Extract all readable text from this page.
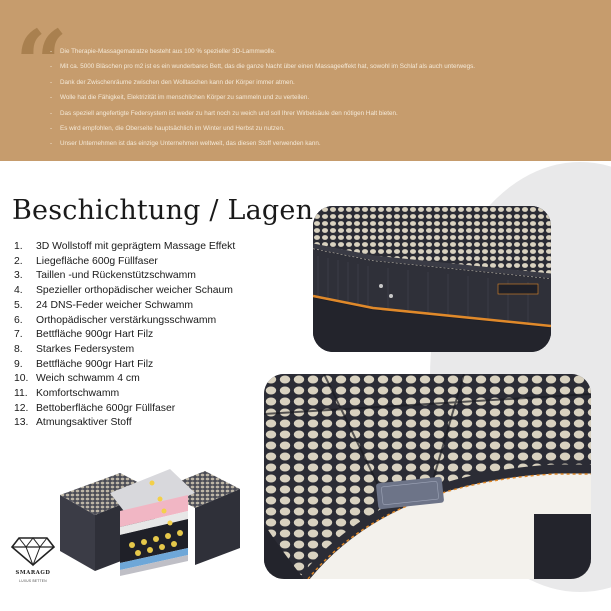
“
- Die Therapie-Massagematratze besteht aus 100 % spezieller 3D-Lammwolle.
- Mit ca. 5000 Bläschen pro m2 ist es ein wunderbares Bett, das die ganze Nacht über einen Massageeffekt hat, sowohl im Schlaf als auch unterwegs.
- Dank der Zwischenräume zwischen den Wolltaschen kann der Körper immer atmen.
- Wolle hat die Fähigkeit, Elektrizität im menschlichen Körper zu sammeln und zu verteilen.
- Das speziell angefertigte Federsystem ist weder zu hart noch zu weich und soll Ihrer Wirbelsäule den nötigen Halt bieten.
- Es wird empfohlen, die Oberseite hauptsächlich im Winter und Herbst zu nutzen.
- Unser Unternehmen ist das einzige Unternehmen weltweit, das diesen Stoff verwenden kann.
Beschichtung / Lagen
1.	3D Wollstoff mit geprägtem Massage Effekt
2.	Liegefläche 600g Füllfaser
3.	Taillen -und Rückenstützschwamm
4.	Spezieller orthopädischer weicher Schaum
5.	24 DNS-Feder weicher Schwamm
6.	Orthopädischer verstärkungsschwamm
7.	Bettfläche 900gr Hart Filz
8.	Starkes Federsystem
9.	Bettfläche 900gr Hart Filz
10. Weich schwamm 4 cm
11. Komfortschwamm
12. Bettoberfläche 600gr Füllfaser
13. Atmungsaktiver Stoff
SMARAGD
LUXUS BETTEN
